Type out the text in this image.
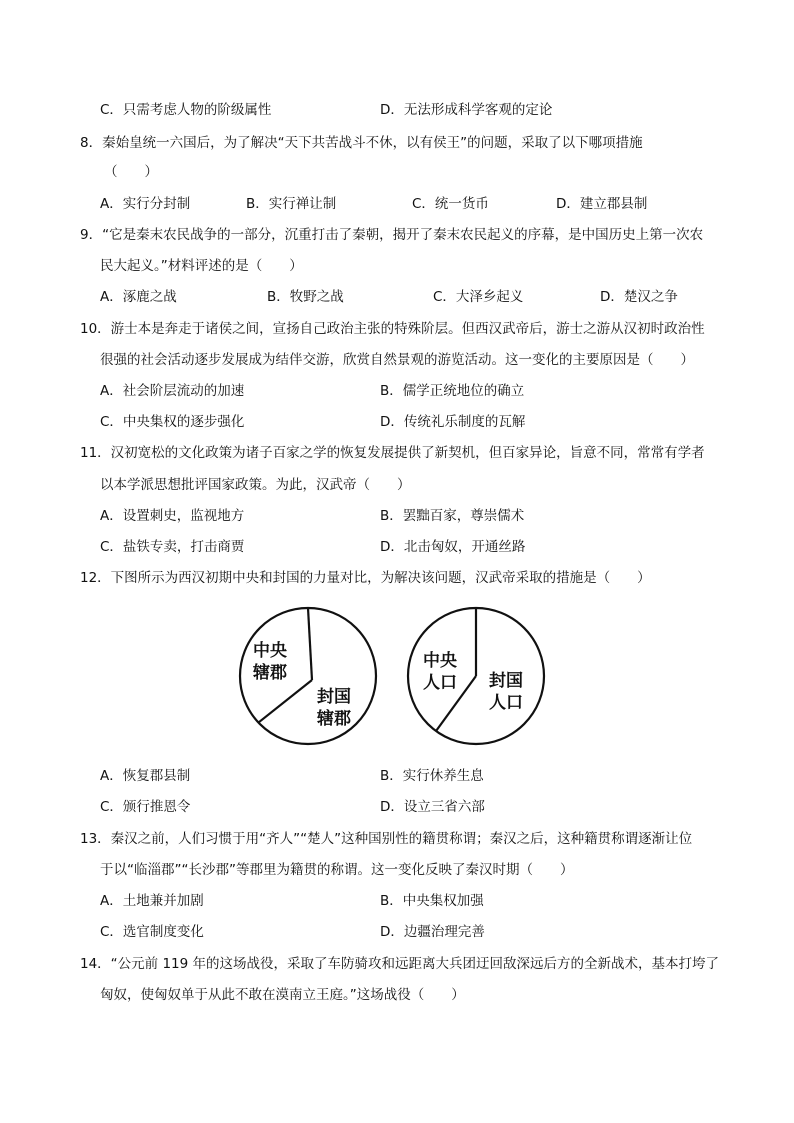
C．只需考虑人物的阶级属性	D．无法形成科学客观的定论
8．秦始皇统一六国后，为了解决“天下共苦战斗不休，以有侯王”的问题，采取了以下哪项措施
（　　）
A．实行分封制	B．实行禅让制	C．统一货币	D．建立郡县制
9．“它是秦末农民战争的一部分，沉重打击了秦朝，揭开了秦末农民起义的序幕，是中国历史上第一次农
民大起义。”材料评述的是（　　）
A．涿鹿之战	B．牧野之战	C．大泽乡起义	D．楚汉之争
10．游士本是奔走于诸侯之间，宣扬自己政治主张的特殊阶层。但西汉武帝后，游士之游从汉初时政治性
很强的社会活动逐步发展成为结伴交游，欣赏自然景观的游览活动。这一变化的主要原因是（　　）
A．社会阶层流动的加速	B．儒学正统地位的确立
C．中央集权的逐步强化	D．传统礼乐制度的瓦解
11．汉初宽松的文化政策为诸子百家之学的恢复发展提供了新契机，但百家异论，旨意不同，常常有学者
以本学派思想批评国家政策。为此，汉武帝（　　）
A．设置刺史，监视地方	B．罢黜百家，尊崇儒术
C．盐铁专卖，打击商贾	D．北击匈奴，开通丝路
12．下图所示为西汉初期中央和封国的力量对比，为解决该问题，汉武帝采取的措施是（　　）
中央
辖郡
封国
辖郡
中央
人口 封国
人口
A．恢复郡县制	B．实行休养生息
C．颁行推恩令	D．设立三省六部
13．秦汉之前，人们习惯于用“齐人”“楚人”这种国别性的籍贯称谓；秦汉之后，这种籍贯称谓逐渐让位
于以“临淄郡”“长沙郡”等郡里为籍贯的称谓。这一变化反映了秦汉时期（　　）
A．土地兼并加剧	B．中央集权加强
C．选官制度变化	D．边疆治理完善
14．“公元前 119 年的这场战役，采取了车防骑攻和远距离大兵团迂回敌深远后方的全新战术，基本打垮了
匈奴，使匈奴单于从此不敢在漠南立王庭。”这场战役（　　）
